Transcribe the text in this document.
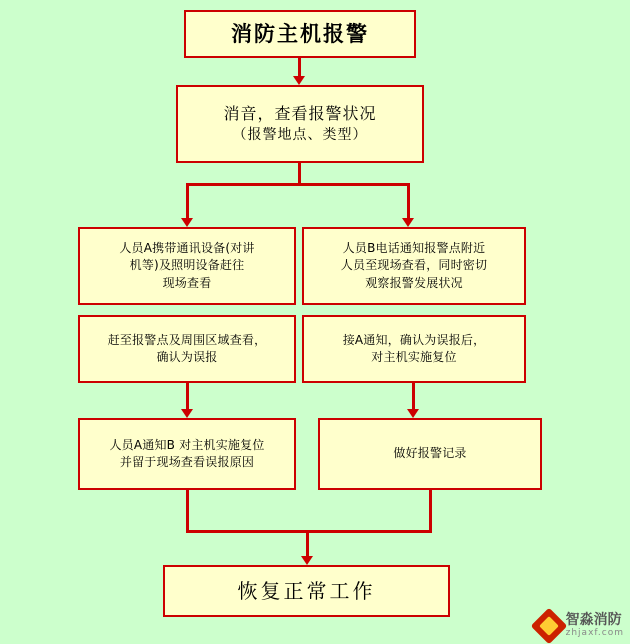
消防主机报警
消音，查看报警状况
（报警地点、类型）
人员A携带通讯设备(对讲
机等)及照明设备赶往
现场查看
人员B电话通知报警点附近
人员至现场查看，同时密切
观察报警发展状况
赶至报警点及周围区域查看，
确认为误报
接A通知，确认为误报后，
对主机实施复位
人员A通知B 对主机实施复位
并留于现场查看误报原因
做好报警记录
恢复正常工作
智淼消防
zhjaxf.com
